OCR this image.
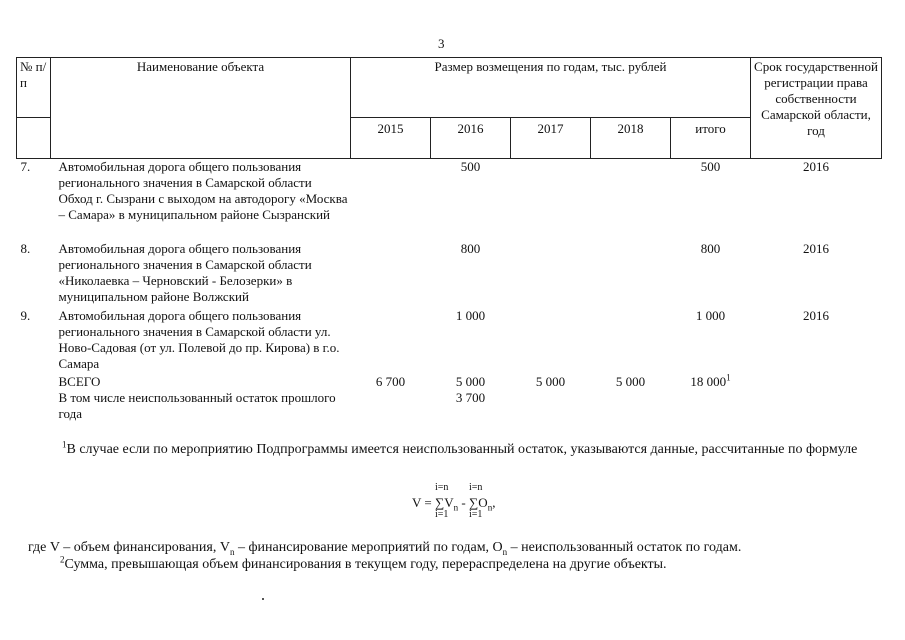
3
№ п/п	Наименование объекта	Размер возмещения по годам, тыс. рублей					Срок государственной регистрации права собственности Самарской области, год
		2015	2016	2017	2018	итого	
7.	Автомобильная дорога общего пользования регионального значения в Самарской области Обход г. Сызрани с выходом на автодорогу «Москва – Самара» в муниципальном районе Сызранский		500			500	2016
8.	Автомобильная дорога общего пользования регионального значения в Самарской области «Николаевка – Черновский - Белозерки» в муниципальном районе Волжский		800			800	2016
9.	Автомобильная дорога общего пользования регионального значения в Самарской области ул. Ново-Садовая (от ул. Полевой до пр. Кирова) в г.о. Самара		1 000			1 000	2016
	ВСЕГО	6 700	5 000	5 000	5 000	18 $000^1$	
	В том числе неиспользованный остаток прошлого года		3 700				

$^1$В случае если по мероприятию Подпрограммы имеется неиспользованный остаток, указываются данные, рассчитанные по формуле

V =
i=n
$\sum V_n$
i=1
-
i=n
$\sum O_n$
i=1
,

где V – объем финансирования, $V_n$ – финансирование мероприятий по годам, $O_n$ – неиспользованный остаток по годам.

$^2$Сумма, превышающая объем финансирования в текущем году, перераспределена на другие объекты.
